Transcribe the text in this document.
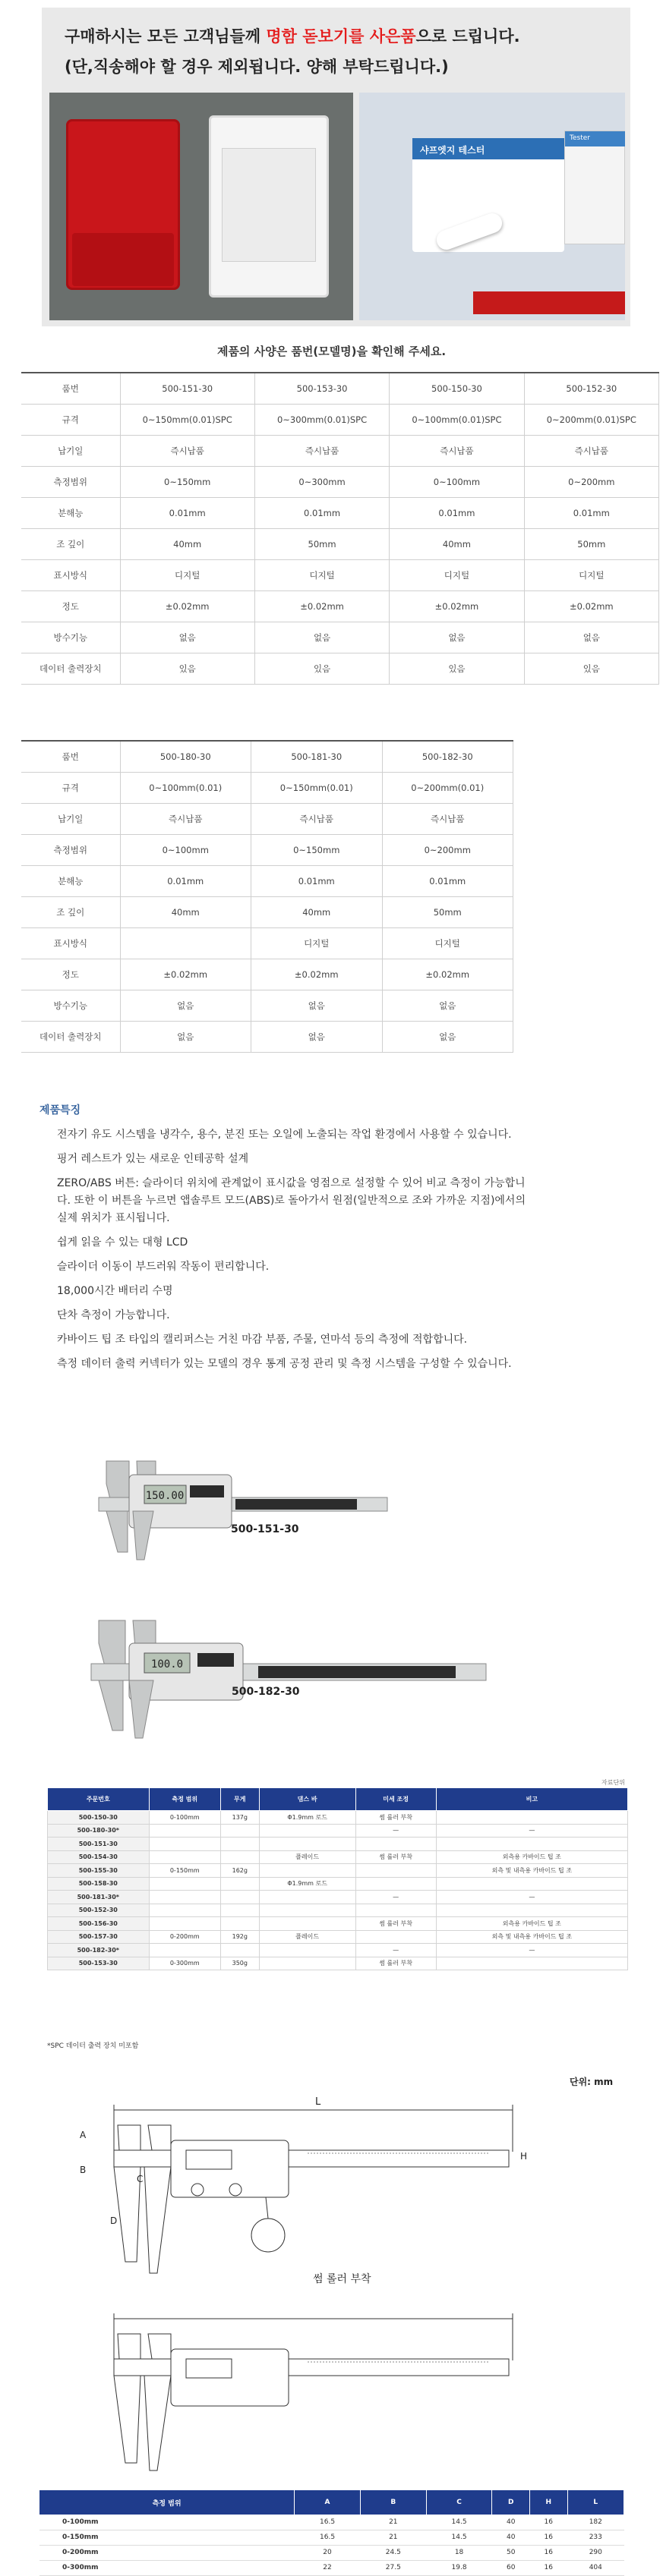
구매하시는 모든 고객님들께 명함 돋보기를 사은품으로 드립니다.
(단,직송해야 할 경우 제외됩니다. 양해 부탁드립니다.)
샤프엣지 테스터
Tester
제품의 사양은 품번(모델명)을 확인해 주세요.
품번	500-151-30	500-153-30	500-150-30	500-152-30
규격	0~150mm(0.01)SPC	0~300mm(0.01)SPC	0~100mm(0.01)SPC	0~200mm(0.01)SPC
납기일	즉시납품	즉시납품	즉시납품	즉시납품
측정범위	0~150mm	0~300mm	0~100mm	0~200mm
분해능	0.01mm	0.01mm	0.01mm	0.01mm
조 깊이	40mm	50mm	40mm	50mm
표시방식	디지털	디지털	디지털	디지털
정도	±0.02mm	±0.02mm	±0.02mm	±0.02mm
방수기능	없음	없음	없음	없음
데이터 출력장치	있음	있음	있음	있음
품번	500-180-30	500-181-30	500-182-30
규격	0~100mm(0.01)	0~150mm(0.01)	0~200mm(0.01)
납기일	즉시납품	즉시납품	즉시납품
측정범위	0~100mm	0~150mm	0~200mm
분해능	0.01mm	0.01mm	0.01mm
조 깊이	40mm	40mm	50mm
표시방식		디지털	디지털
정도	±0.02mm	±0.02mm	±0.02mm
방수기능	없음	없음	없음
데이터 출력장치	없음	없음	없음
제품특징

전자기 유도 시스템을 냉각수, 용수, 분진 또는 오일에 노출되는 작업 환경에서 사용할 수 있습니다.

핑거 레스트가 있는 새로운 인테공학 설계

ZERO/ABS 버튼: 슬라이더 위치에 관계없이 표시값을 영점으로 설정할 수 있어 비교 측정이 가능합니다. 또한 이 버튼을 누르면 앱솔루트 모드(ABS)로 돌아가서 원점(일반적으로 조와 가까운 지점)에서의 실제 위치가 표시됩니다.

쉽게 읽을 수 있는 대형 LCD

슬라이더 이동이 부드러워 작동이 편리합니다.

18,000시간 배터리 수명

단차 측정이 가능합니다.

카바이드 팁 조 타입의 캘리퍼스는 거친 마감 부품, 주물, 연마석 등의 측정에 적합합니다.

측정 데이터 출력 커넥터가 있는 모델의 경우 통계 공정 관리 및 측정 시스템을 구성할 수 있습니다.

150.00
500-151-30
100.0
500-182-30
자료단위
주문번호	측정 범위	무게	댐스 바	미세 조정	비고
500-150-30	0-100mm	137g	Φ1.9mm 로드	썸 롤러 부착	
500-180-30*				—	—
500-151-30					
500-154-30			플레이드	썸 롤러 부착	외측용 카바이드 팁 조
500-155-30	0-150mm	162g			외측 및 내측용 카바이드 팁 조
500-158-30			Φ1.9mm 로드		
500-181-30*				—	—
500-152-30					
500-156-30				썸 롤러 부착	외측용 카바이드 팁 조
500-157-30	0-200mm	192g	플레이드		외측 및 내측용 카바이드 팁 조
500-182-30*				—	—
500-153-30	0-300mm	350g		썸 롤러 부착	
*SPC 데이터 출력 장치 미포함
단위: mm
L
A
B
C
D
H
썸 롤러 부착
측정 범위	A	B	C	D	H	L
0-100mm	16.5	21	14.5	40	16	182
0-150mm	16.5	21	14.5	40	16	233
0-200mm	20	24.5	18	50	16	290
0-300mm	22	27.5	19.8	60	16	404
